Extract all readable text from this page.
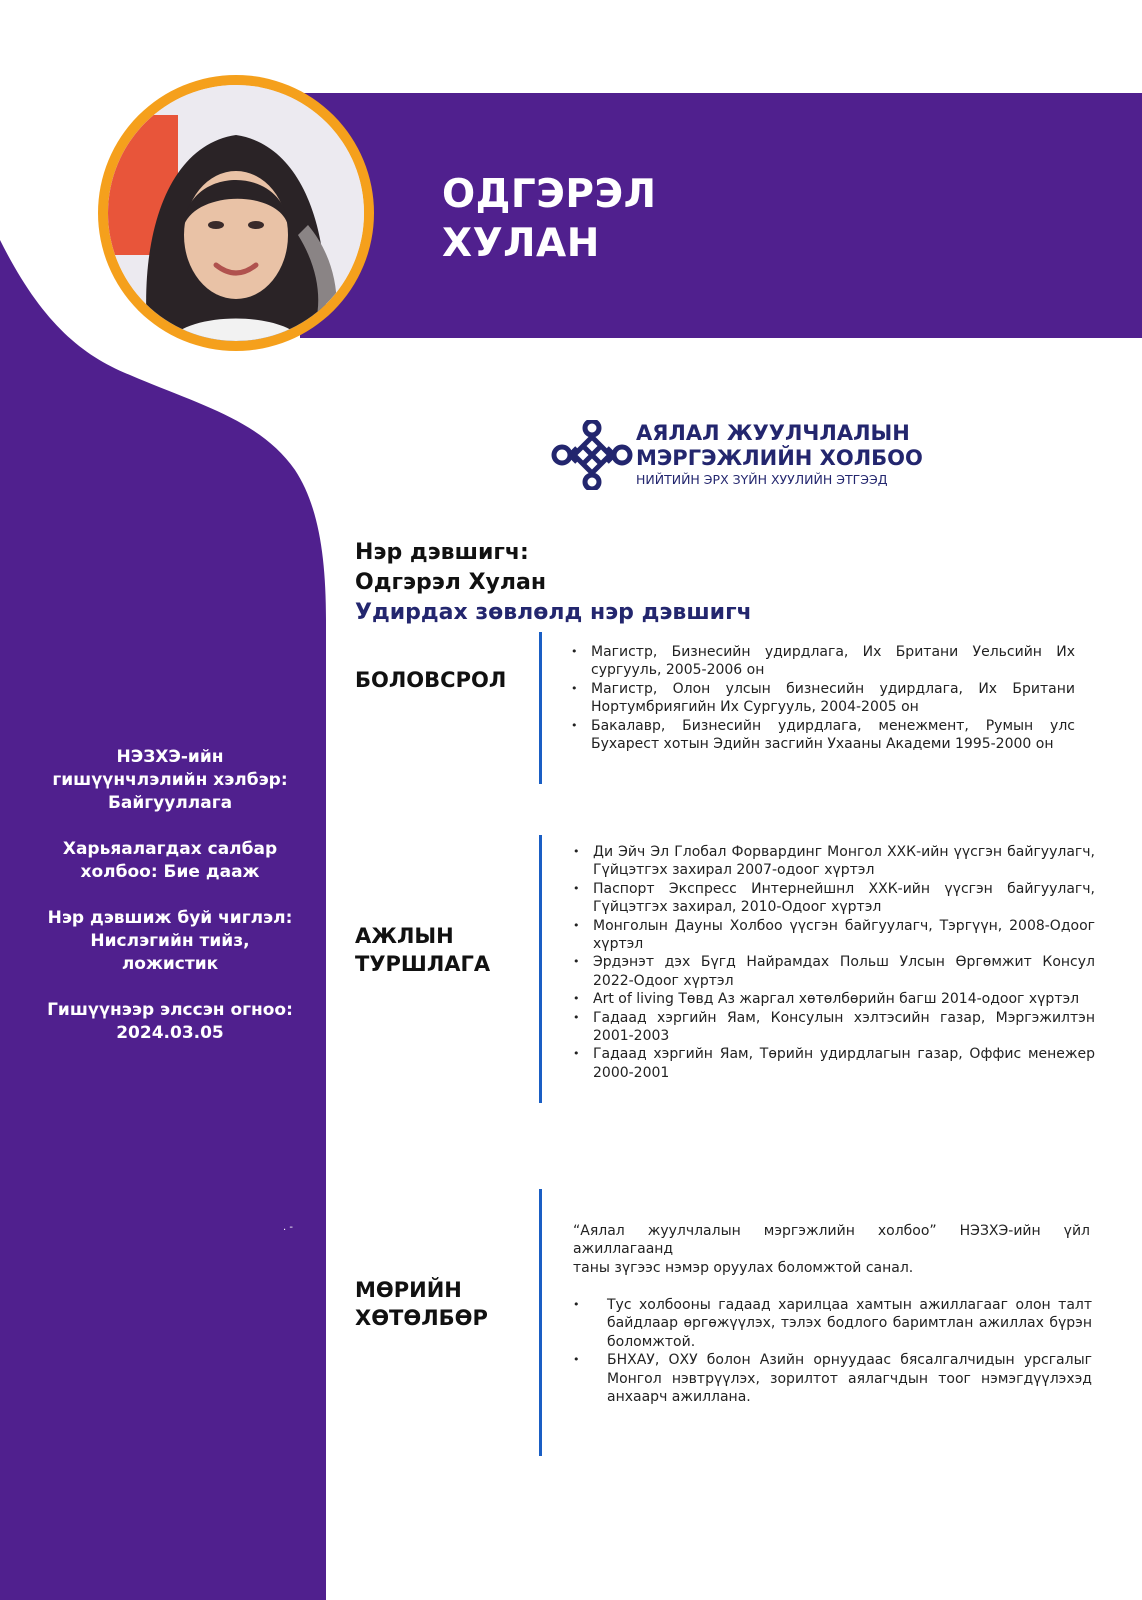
ОДГЭРЭЛ
ХУЛАН
АЯЛАЛ ЖУУЛЧЛАЛЫН
МЭРГЭЖЛИЙН ХОЛБОО
НИЙТИЙН ЭРХ ЗҮЙН ХУУЛИЙН ЭТГЭЭД

НЭЗХЭ-ийн гишүүнчлэлийн хэлбэр: Байгууллага

Харьяалагдах салбар холбоо: Бие дааж

Нэр дэвшиж буй чиглэл: Нислэгийн тийз, ложистик

Гишүүнээр элссэн огноо: 2024.03.05

. -
Нэр дэвшигч:
Одгэрэл Хулан
Удирдах зөвлөлд нэр дэвшигч
БОЛОВСРОЛ
• Магистр, Бизнесийн удирдлага, Их Британи Уельсийн Их сургууль, 2005-2006 он
• Магистр, Олон улсын бизнесийн удирдлага, Их Британи Нортумбриягийн Их Сургууль, 2004-2005 он
• Бакалавр, Бизнесийн удирдлага, менежмент, Румын улс Бухарест хотын Эдийн засгийн Ухааны Академи 1995-2000 он
АЖЛЫН
ТУРШЛАГА
• Ди Эйч Эл Глобал Форвардинг Монгол ХХК-ийн үүсгэн байгуулагч, Гүйцэтгэх захирал 2007-одоог хүртэл
• Паспорт Экспресс Интернейшнл ХХК-ийн үүсгэн байгуулагч, Гүйцэтгэх захирал, 2010-Одоог хүртэл
• Монголын Дауны Холбоо үүсгэн байгуулагч, Тэргүүн, 2008-Одоог хүртэл
• Эрдэнэт дэх Бүгд Найрамдах Польш Улсын Өргөмжит Консул 2022-Одоог хүртэл
• Art of living Төвд Аз жаргал хөтөлбөрийн багш 2014-одоог хүртэл
• Гадаад хэргийн Яам, Консулын хэлтэсийн газар, Мэргэжилтэн 2001-2003
• Гадаад хэргийн Яам, Төрийн удирдлагын газар, Оффис менежер 2000-2001
МӨРИЙН
ХӨТӨЛБӨР
“Аялал жуулчлалын мэргэжлийн холбоо” НЭЗХЭ-ийн үйл ажиллагаанд
таны зүгээс нэмэр оруулах боломжтой санал.
• Тус холбооны гадаад харилцаа хамтын ажиллагааг олон талт байдлаар өргөжүүлэх, тэлэх бодлого баримтлан ажиллах бүрэн боломжтой.
• БНХАУ, ОХУ болон Азийн орнуудаас бясалгалчидын урсгалыг Монгол нэвтрүүлэх, зорилтот аялагчдын тоог нэмэгдүүлэхэд анхаарч ажиллана.
